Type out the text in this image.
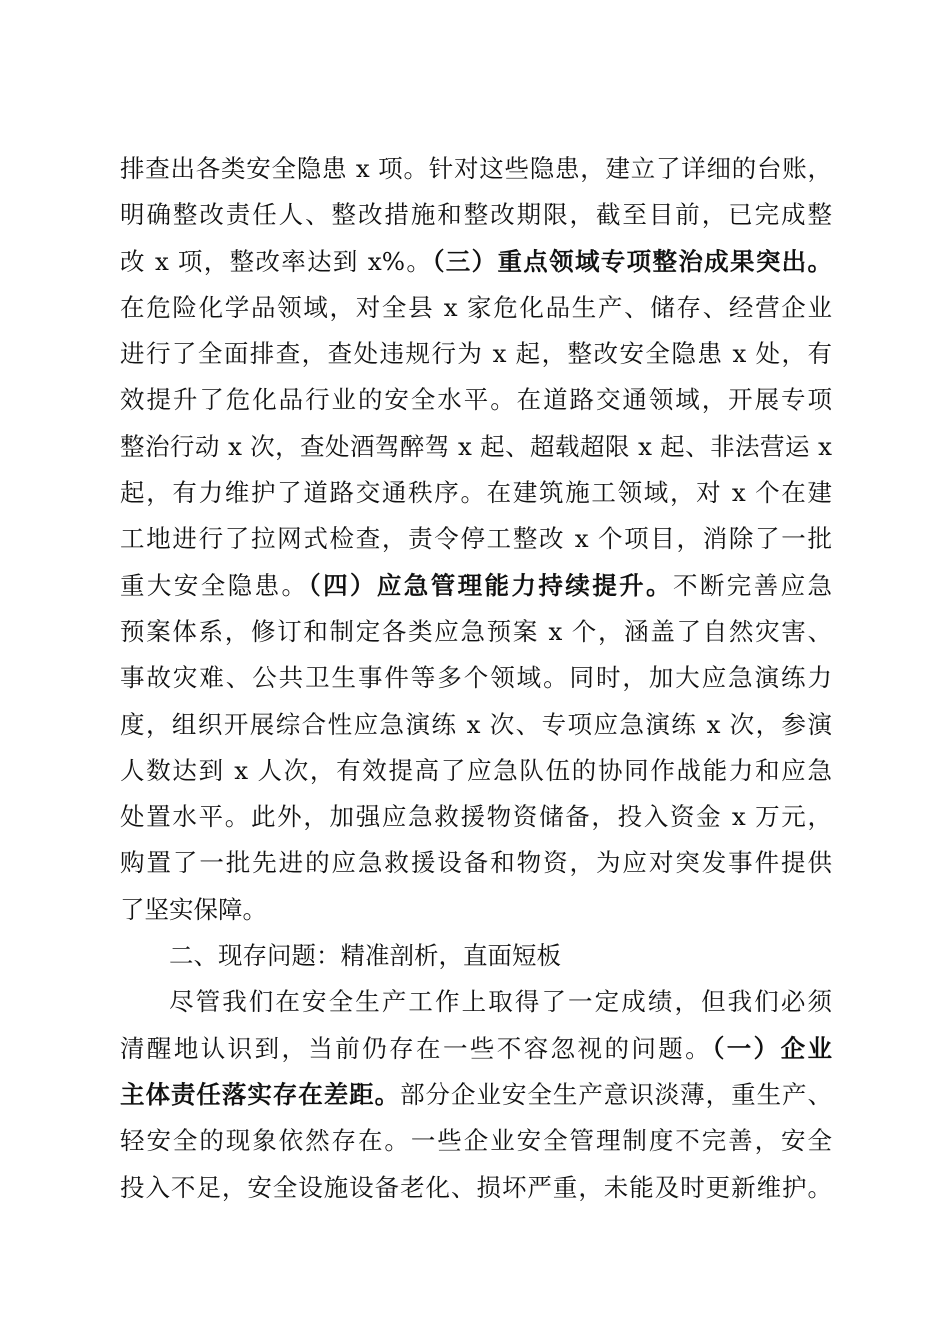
排查出各类安全隐患 x 项。针对这些隐患，建立了详细的台账，
明确整改责任人、整改措施和整改期限，截至目前，已完成整
改 x 项，整改率达到 x%。（三）重点领域专项整治成果突出。
在危险化学品领域，对全县 x 家危化品生产、储存、经营企业
进行了全面排查，查处违规行为 x 起，整改安全隐患 x 处，有
效提升了危化品行业的安全水平。在道路交通领域，开展专项
整治行动 x 次，查处酒驾醉驾 x 起、超载超限 x 起、非法营运 x
起，有力维护了道路交通秩序。在建筑施工领域，对 x 个在建
工地进行了拉网式检查，责令停工整改 x 个项目，消除了一批
重大安全隐患。（四）应急管理能力持续提升。不断完善应急
预案体系，修订和制定各类应急预案 x 个，涵盖了自然灾害、
事故灾难、公共卫生事件等多个领域。同时，加大应急演练力
度，组织开展综合性应急演练 x 次、专项应急演练 x 次，参演
人数达到 x 人次，有效提高了应急队伍的协同作战能力和应急
处置水平。此外，加强应急救援物资储备，投入资金 x 万元，
购置了一批先进的应急救援设备和物资，为应对突发事件提供
了坚实保障。
二、现存问题：精准剖析，直面短板
尽管我们在安全生产工作上取得了一定成绩，但我们必须
清醒地认识到，当前仍存在一些不容忽视的问题。（一）企业
主体责任落实存在差距。部分企业安全生产意识淡薄，重生产、
轻安全的现象依然存在。一些企业安全管理制度不完善，安全
投入不足，安全设施设备老化、损坏严重，未能及时更新维护。
